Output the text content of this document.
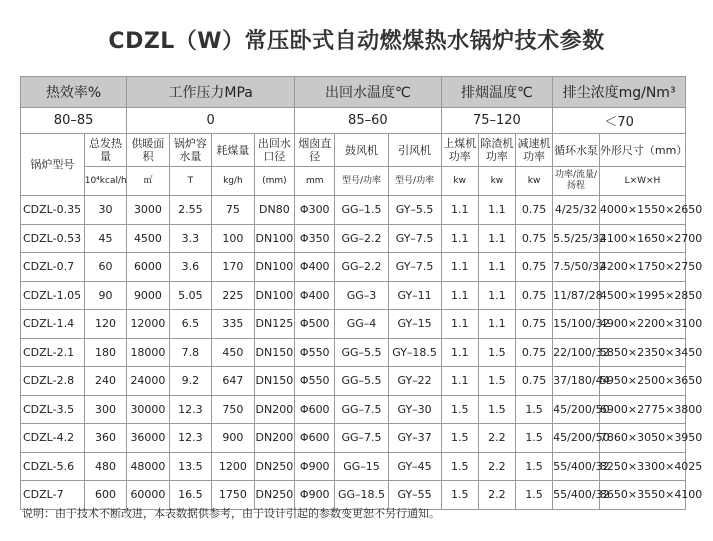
CDZL（W）常压卧式自动燃煤热水锅炉技术参数
热效率%		工作压力MPa				出回水温度℃			排烟温度℃			排尘浓度mg/Nm³	
80–85		0				85–60			75–120			＜70	
锅炉型号	总发热量	供暖面积	锅炉容水量	耗煤量	出回水口径	烟囱直径	鼓风机	引风机	上煤机功率	除渣机功率	减速机功率	循环水泵	外形尺寸（mm）
	10⁴kcal/h	㎡	T	kg/h	(mm)	mm	型号/功率	型号/功率	kw	kw	kw	功率/流量/扬程	L×W×H
CDZL-0.35	30	3000	2.55	75	DN80	Φ300	GG–1.5	GY–5.5	1.1	1.1	0.75	4/25/32	4000×1550×2650
CDZL-0.53	45	4500	3.3	100	DN100	Φ350	GG–2.2	GY–7.5	1.1	1.1	0.75	5.5/25/32	4100×1650×2700
CDZL-0.7	60	6000	3.6	170	DN100	Φ400	GG–2.2	GY–7.5	1.1	1.1	0.75	7.5/50/32	4200×1750×2750
CDZL-1.05	90	9000	5.05	225	DN100	Φ400	GG–3	GY–11	1.1	1.1	0.75	11/87/28	4500×1995×2850
CDZL-1.4	120	12000	6.5	335	DN125	Φ500	GG–4	GY–15	1.1	1.1	0.75	15/100/32	4900×2200×3100
CDZL-2.1	180	18000	7.8	450	DN150	Φ550	GG–5.5	GY–18.5	1.1	1.5	0.75	22/100/32	5850×2350×3450
CDZL-2.8	240	24000	9.2	647	DN150	Φ550	GG–5.5	GY–22	1.1	1.5	0.75	37/180/44	5950×2500×3650
CDZL-3.5	300	30000	12.3	750	DN200	Φ600	GG–7.5	GY–30	1.5	1.5	1.5	45/200/50	6900×2775×3800
CDZL-4.2	360	36000	12.3	900	DN200	Φ600	GG–7.5	GY–37	1.5	2.2	1.5	45/200/50	7860×3050×3950
CDZL-5.6	480	48000	13.5	1200	DN250	Φ900	GG–15	GY–45	1.5	2.2	1.5	55/400/32	8250×3300×4025
CDZL-7	600	60000	16.5	1750	DN250	Φ900	GG–18.5	GY–55	1.5	2.2	1.5	55/400/32	8650×3550×4100
说明：由于技术不断改进，本表数据供参考，由于设计引起的参数变更恕不另行通知。
